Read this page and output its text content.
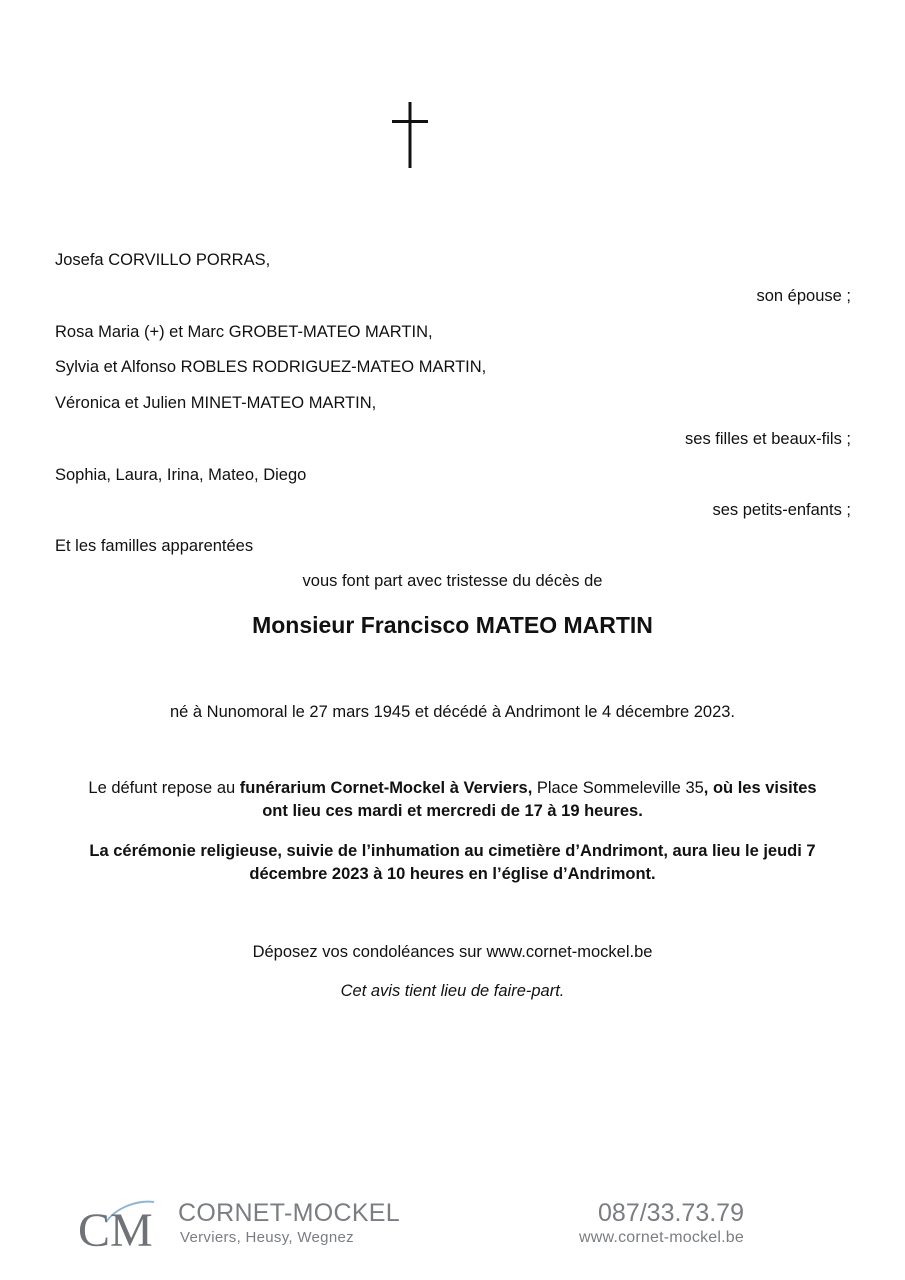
Josefa CORVILLO PORRAS,
son épouse ;
Rosa Maria (+) et Marc GROBET-MATEO MARTIN,
Sylvia et Alfonso ROBLES RODRIGUEZ-MATEO MARTIN,
Véronica et Julien MINET-MATEO MARTIN,
ses filles et beaux-fils ;
Sophia, Laura, Irina, Mateo, Diego
ses petits-enfants ;
Et les familles apparentées
vous font part avec tristesse du décès de
Monsieur Francisco MATEO MARTIN
né à Nunomoral le 27 mars 1945 et décédé à Andrimont le 4 décembre 2023.
Le défunt repose au funérarium Cornet-Mockel à Verviers, Place Sommeleville 35, où les visites
ont lieu ces mardi et mercredi de 17 à 19 heures.
La cérémonie religieuse, suivie de l’inhumation au cimetière d’Andrimont, aura lieu le jeudi 7
décembre 2023 à 10 heures en l’église d’Andrimont.
Déposez vos condoléances sur www.cornet-mockel.be
Cet avis tient lieu de faire-part.
CM CORNET-MOCKEL
Verviers, Heusy, Wegnez
087/33.73.79
www.cornet-mockel.be
